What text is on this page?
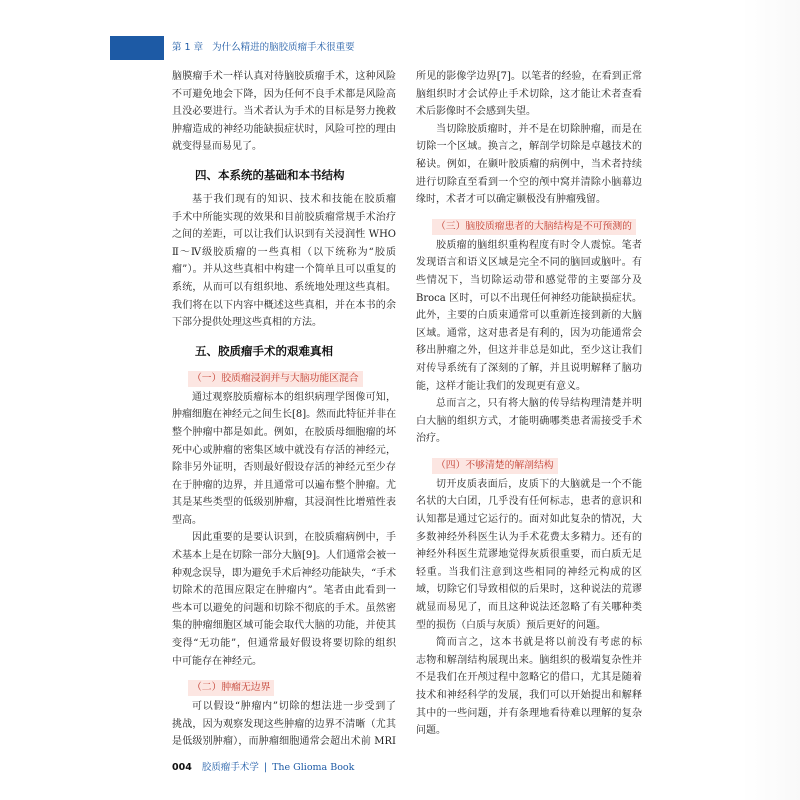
第 1 章 为什么精进的脑胶质瘤手术很重要
脑膜瘤手术一样认真对待脑胶质瘤手术，这种风险
不可避免地会下降，因为任何不良手术都是风险高
且没必要进行。当术者认为手术的目标是努力挽救
肿瘤造成的神经功能缺损症状时，风险可控的理由
就变得显而易见了。
四、本系统的基础和本书结构
基于我们现有的知识、技术和技能在胶质瘤
手术中所能实现的效果和目前胶质瘤常规手术治疗
之间的差距，可以让我们认识到有关浸润性 WHO
Ⅱ～Ⅳ级胶质瘤的一些真相（以下统称为“胶质
瘤”）。并从这些真相中构建一个简单且可以重复的
系统，从而可以有组织地、系统地处理这些真相。
我们将在以下内容中概述这些真相，并在本书的余
下部分提供处理这些真相的方法。
五、胶质瘤手术的艰难真相
（一）胶质瘤浸润并与大脑功能区混合
通过观察胶质瘤标本的组织病理学图像可知，
肿瘤细胞在神经元之间生长[8]。然而此特征并非在
整个肿瘤中都是如此。例如，在胶质母细胞瘤的坏
死中心或肿瘤的密集区域中就没有存活的神经元，
除非另外证明，否则最好假设存活的神经元至少存
在于肿瘤的边界，并且通常可以遍布整个肿瘤。尤
其是某些类型的低级别肿瘤，其浸润性比增殖性表
型高。
因此重要的是要认识到，在胶质瘤病例中，手
术基本上是在切除一部分大脑[9]。人们通常会被一
种观念误导，即为避免手术后神经功能缺失，“手术
切除术的范围应限定在肿瘤内”。笔者由此看到一
些本可以避免的问题和切除不彻底的手术。虽然密
集的肿瘤细胞区域可能会取代大脑的功能，并使其
变得“无功能”，但通常最好假设将要切除的组织
中可能存在神经元。
（二）肿瘤无边界
可以假设“肿瘤内”切除的想法进一步受到了
挑战，因为观察发现这些肿瘤的边界不清晰（尤其
是低级别肿瘤），而肿瘤细胞通常会超出术前 MRI
所见的影像学边界[7]。以笔者的经验，在看到正常
脑组织时才会试停止手术切除，这才能让术者查看
术后影像时不会感到失望。
当切除胶质瘤时，并不是在切除肿瘤，而是在
切除一个区域。换言之，解剖学切除是卓越技术的
秘诀。例如，在颞叶胶质瘤的病例中，当术者持续
进行切除直至看到一个空的颅中窝并清除小脑幕边
缘时，术者才可以确定颞极没有肿瘤残留。
（三）脑胶质瘤患者的大脑结构是不可预测的
胶质瘤的脑组织重构程度有时令人震惊。笔者
发现语言和语义区域是完全不同的脑回或脑叶。有
些情况下，当切除运动带和感觉带的主要部分及
Broca 区时，可以不出现任何神经功能缺损症状。
此外，主要的白质束通常可以重新连接到新的大脑
区域。通常，这对患者是有利的，因为功能通常会
移出肿瘤之外，但这并非总是如此，至少这让我们
对传导系统有了深刻的了解，并且说明解释了脑功
能，这样才能让我们的发现更有意义。
总而言之，只有将大脑的传导结构理清楚并明
白大脑的组织方式，才能明确哪类患者需接受手术
治疗。
（四）不够清楚的解剖结构
切开皮质表面后，皮质下的大脑就是一个不能
名状的大白团，几乎没有任何标志，患者的意识和
认知都是通过它运行的。面对如此复杂的情况，大
多数神经外科医生认为手术花费太多精力。还有的
神经外科医生荒谬地觉得灰质很重要，而白质无足
轻重。当我们注意到这些相同的神经元构成的区
域，切除它们导致相似的后果时，这种说法的荒谬
就显而易见了，而且这种说法还忽略了有关哪种类
型的损伤（白质与灰质）预后更好的问题。
简而言之，这本书就是将以前没有考虑的标
志物和解剖结构展现出来。脑组织的极端复杂性并
不是我们在开颅过程中忽略它的借口，尤其是随着
技术和神经科学的发展，我们可以开始提出和解释
其中的一些问题，并有条理地看待难以理解的复杂
问题。
004 胶质瘤手术学 | The Glioma Book
